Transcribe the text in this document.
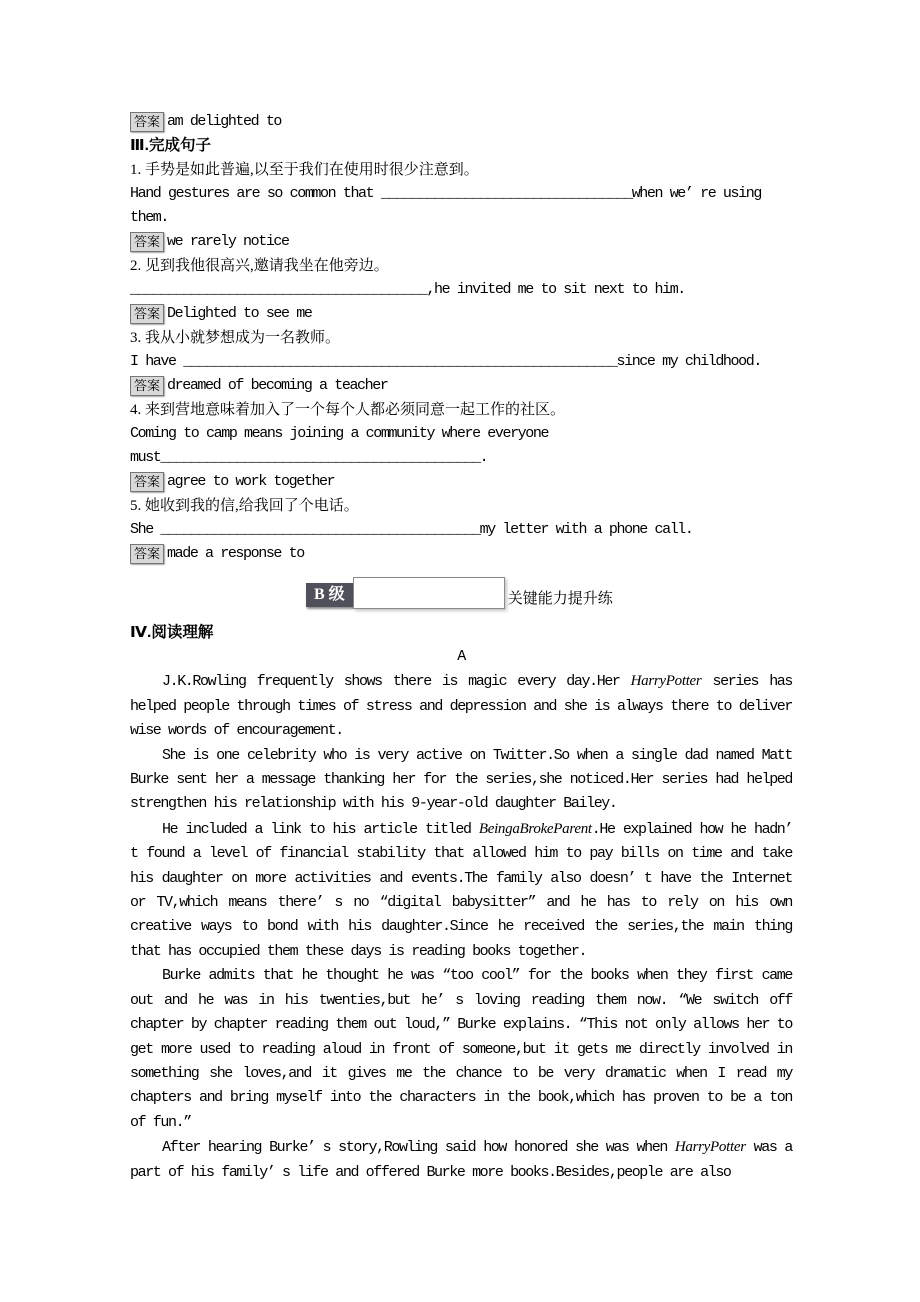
答案 am delighted to
Ⅲ.完成句子
1. 手势是如此普遍,以至于我们在使用时很少注意到。
Hand gestures are so common that _________________________________when we’ re using
them.
答案 we rarely notice
2. 见到我他很高兴,邀请我坐在他旁边。
_______________________________________,he invited me to sit next to him.
答案 Delighted to see me
3. 我从小就梦想成为一名教师。
I have _________________________________________________________since my childhood.
答案 dreamed of becoming a teacher
4. 来到营地意味着加入了一个每个人都必须同意一起工作的社区。
Coming to camp means joining a community where everyone
must__________________________________________.
答案 agree to work together
5. 她收到我的信,给我回了个电话。
She __________________________________________my letter with a phone call.
答案 made a response to
B 级	关键能力提升练
Ⅳ.阅读理解
A

J.K.Rowling frequently shows there is magic every day.Her HarryPotter series has helped people through times of stress and depression and she is always there to deliver wise words of encouragement.

She is one celebrity who is very active on Twitter.So when a single dad named Matt Burke sent her a message thanking her for the series,she noticed.Her series had helped strengthen his relationship with his 9-year-old daughter Bailey.

He included a link to his article titled BeingaBrokeParent.He explained how he hadn’ t found a level of financial stability that allowed him to pay bills on time and take his daughter on more activities and events.The family also doesn’ t have the Internet or TV,which means there’ s no “digital babysitter” and he has to rely on his own creative ways to bond with his daughter.Since he received the series,the main thing that has occupied them these days is reading books together.

Burke admits that he thought he was “too cool” for the books when they first came out and he was in his twenties,but he’ s loving reading them now. “We switch off chapter by chapter reading them out loud,” Burke explains. “This not only allows her to get more used to reading aloud in front of someone,but it gets me directly involved in something she loves,and it gives me the chance to be very dramatic when I read my chapters and bring myself into the characters in the book,which has proven to be a ton of fun.”

After hearing Burke’ s story,Rowling said how honored she was when HarryPotter was a part of his family’ s life and offered Burke more books.Besides,people are also
